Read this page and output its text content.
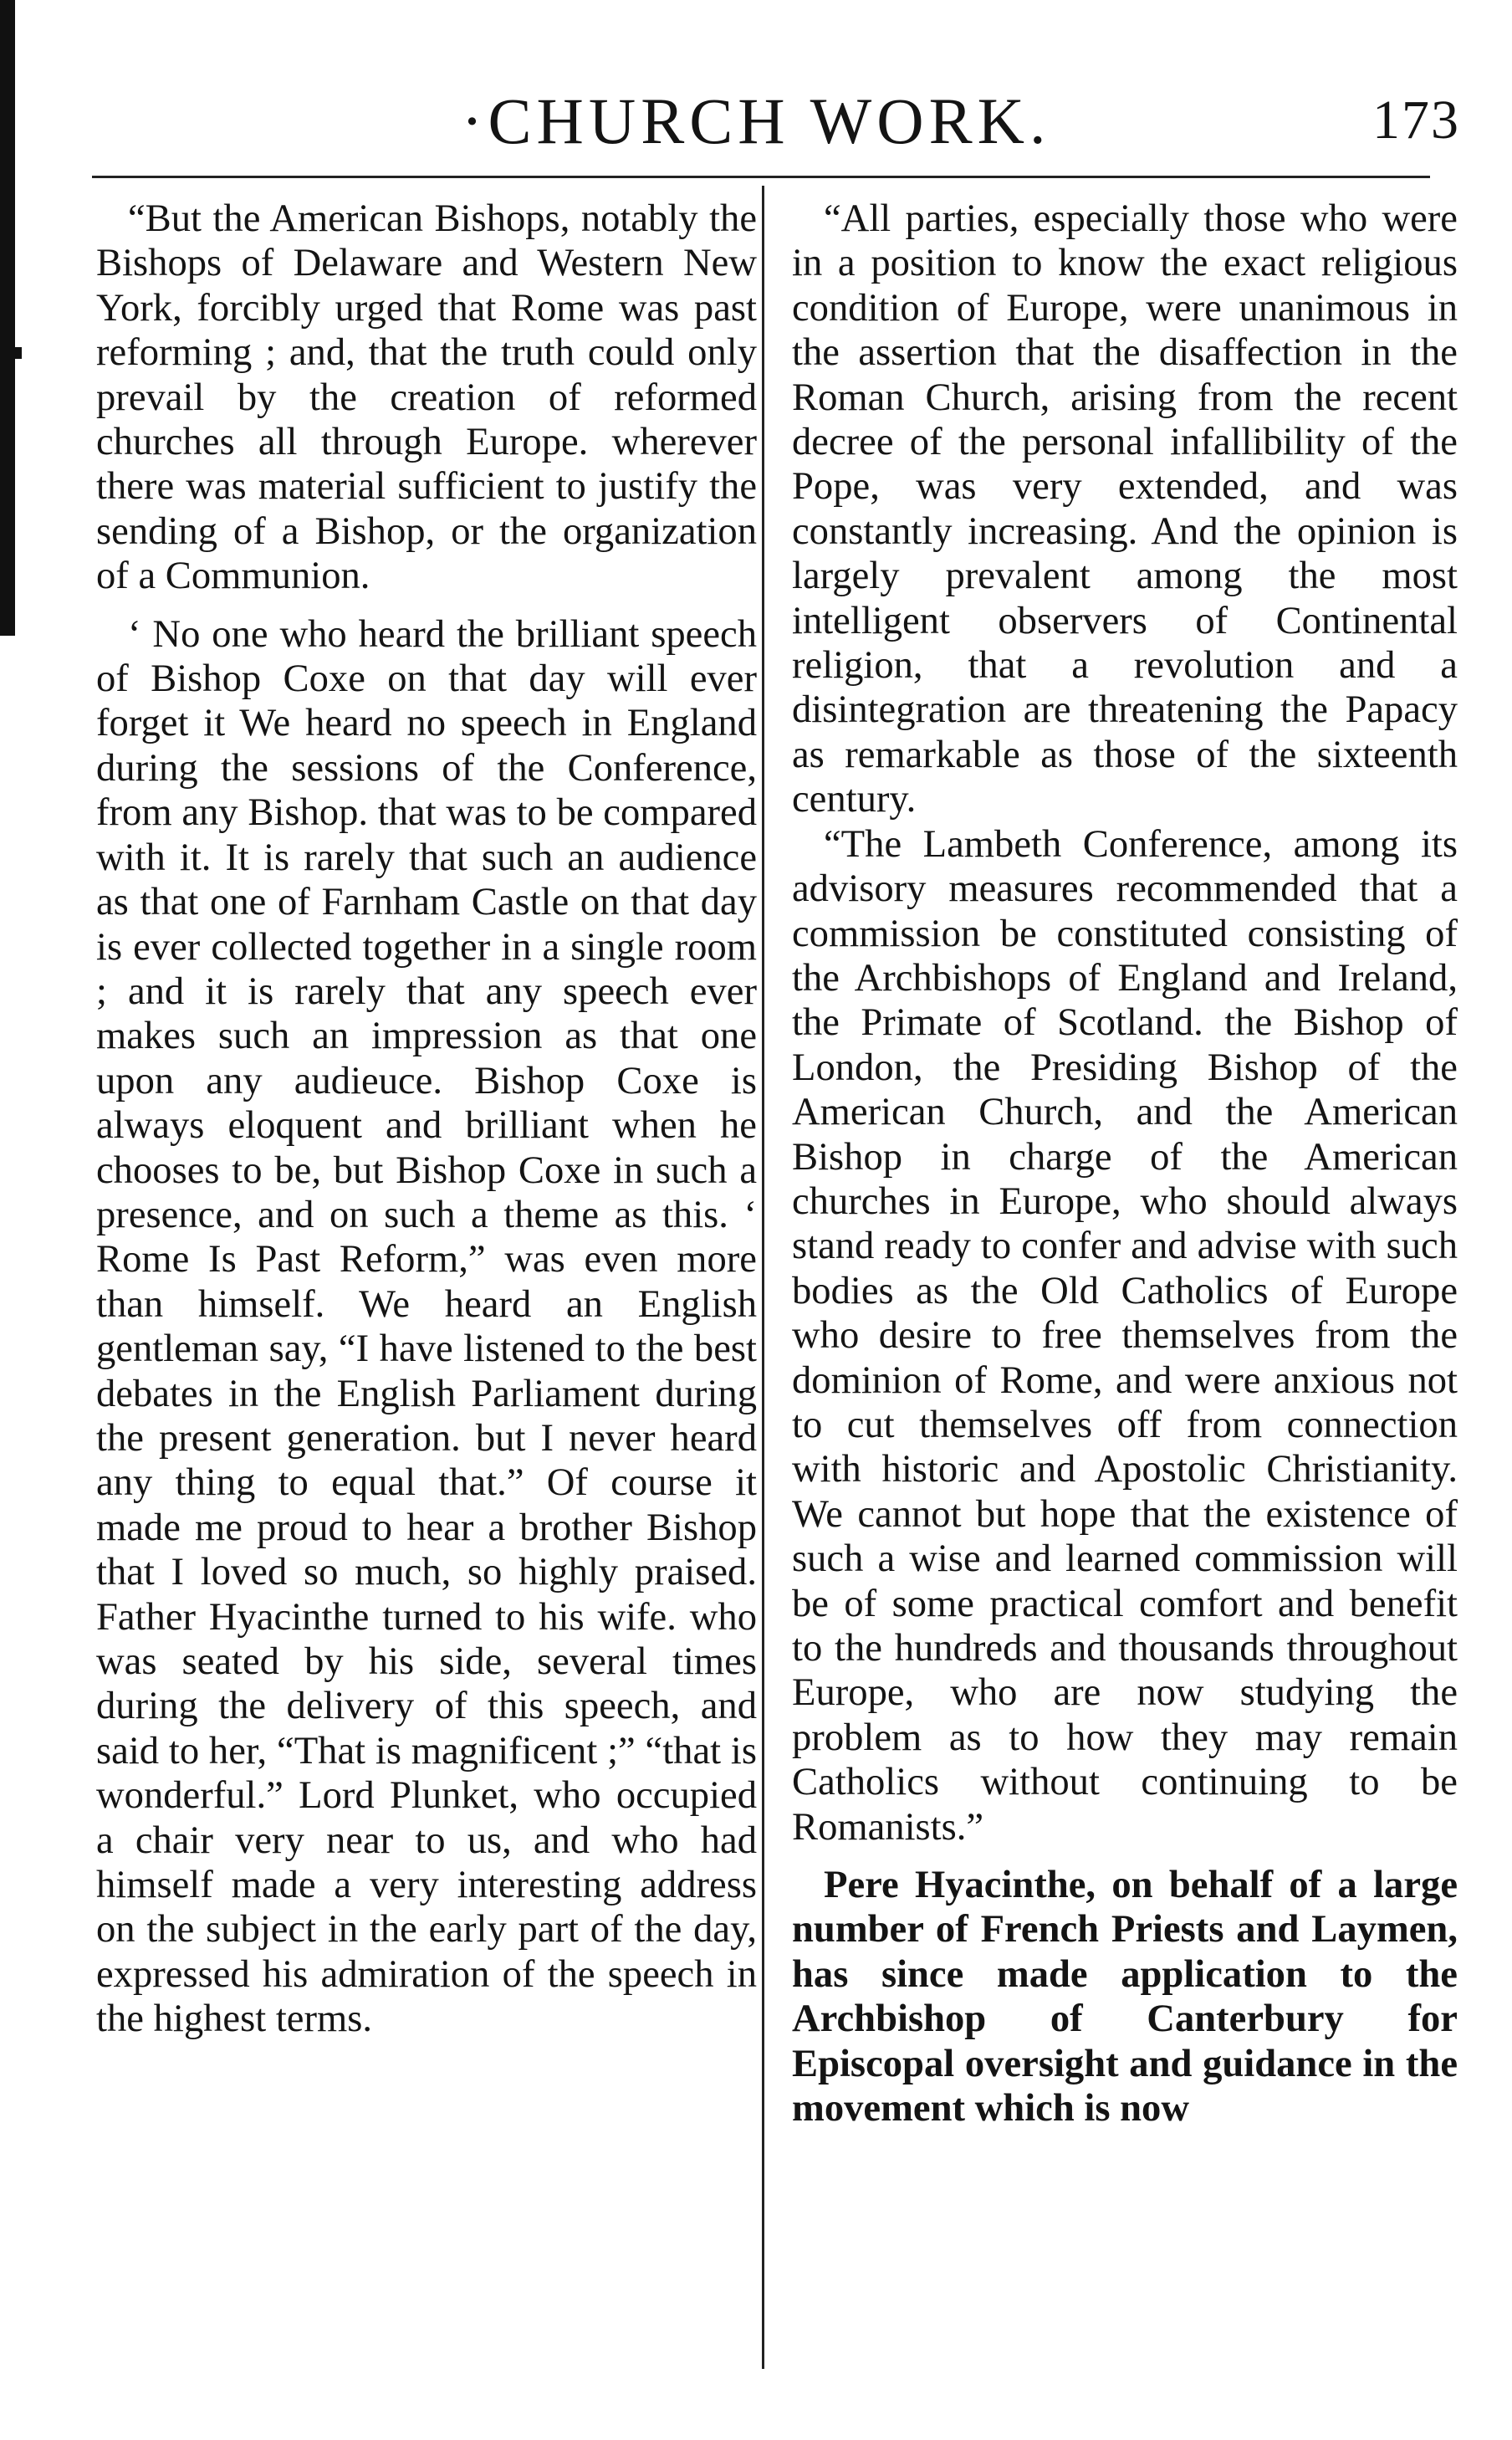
·CHURCH WORK.	173

“But the American Bishops, notably the Bishops of Delaware and Western New York, forcibly urged that Rome was past reforming ; and, that the truth could only prevail by the creation of reformed churches all through Europe. wherever there was material sufficient to justify the sending of a Bishop, or the organization of a Communion.

‘ No one who heard the brilliant speech of Bishop Coxe on that day will ever forget it We heard no speech in England during the sessions of the Conference, from any Bishop. that was to be compared with it. It is rarely that such an audience as that one of Farnham Castle on that day is ever collected together in a single room ; and it is rarely that any speech ever makes such an impression as that one upon any audieuce. Bishop Coxe is always eloquent and brilliant when he chooses to be, but Bishop Coxe in such a presence, and on such a theme as this. ‘ Rome Is Past Reform,” was even more than himself. We heard an English gentleman say, “I have listened to the best debates in the English Parliament during the present generation. but I never heard any thing to equal that.” Of course it made me proud to hear a brother Bishop that I loved so much, so highly praised. Father Hyacinthe turned to his wife. who was seated by his side, several times during the delivery of this speech, and said to her, “That is magnificent ;” “that is wonderful.” Lord Plunket, who occupied a chair very near to us, and who had himself made a very interesting address on the subject in the early part of the day, expressed his admiration of the speech in the highest terms.

“All parties, especially those who were in a position to know the exact religious condition of Europe, were unanimous in the assertion that the disaffection in the Roman Church, arising from the recent decree of the personal infallibility of the Pope, was very extended, and was constantly increasing. And the opinion is largely prevalent among the most intelligent observers of Continental religion, that a revolution and a disintegration are threatening the Papacy as remarkable as those of the sixteenth century.

“The Lambeth Conference, among its advisory measures recommended that a commission be constituted consisting of the Archbishops of England and Ireland, the Primate of Scotland. the Bishop of London, the Presiding Bishop of the American Church, and the American Bishop in charge of the American churches in Europe, who should always stand ready to confer and advise with such bodies as the Old Catholics of Europe who desire to free themselves from the dominion of Rome, and were anxious not to cut themselves off from connection with historic and Apostolic Christianity. We cannot but hope that the existence of such a wise and learned commission will be of some practical comfort and benefit to the hundreds and thousands throughout Europe, who are now studying the problem as to how they may remain Catholics without continuing to be Romanists.”

Pere Hyacinthe, on behalf of a large number of French Priests and Laymen, has since made application to the Archbishop of Canterbury for Episcopal oversight and guidance in the movement which is now
